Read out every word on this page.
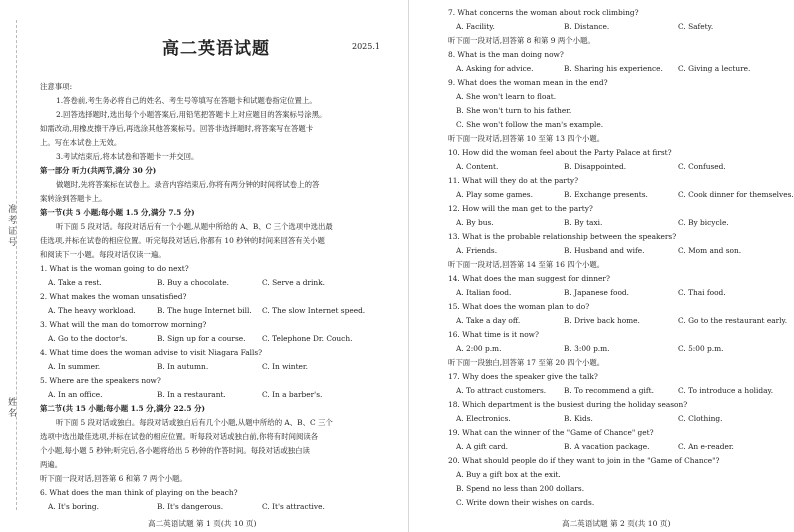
准考证号
姓名
高二英语试题	2025.1
注意事项:
1.答卷前,考生务必将自己的姓名、考生号等填写在答题卡和试题卷指定位置上。
2.回答选择题时,选出每个小题答案后,用铅笔把答题卡上对应题目的答案标号涂黑。
如需改动,用橡皮擦干净后,再选涂其他答案标号。回答非选择题时,将答案写在答题卡
上。写在本试卷上无效。
3.考试结束后,将本试卷和答题卡一并交回。
第一部分 听力(共两节,满分 30 分)
做题时,先将答案标在试卷上。录音内容结束后,你将有两分钟的时间将试卷上的答
案转涂到答题卡上。
第一节(共 5 小题;每小题 1.5 分,满分 7.5 分)
听下面 5 段对话。每段对话后有一个小题,从题中所给的 A、B、C 三个选项中选出最
佳选项,并标在试卷的相应位置。听完每段对话后,你都有 10 秒钟的时间来回答有关小题
和阅读下一小题。每段对话仅读一遍。
1. What is the woman going to do next?
A. Take a rest.	B. Buy a chocolate.	C. Serve a drink.
2. What makes the woman unsatisfied?
A. The heavy workload.	B. The huge Internet bill. C. The slow Internet speed.
3. What will the man do tomorrow morning?
A. Go to the doctor's.	B. Sign up for a course. C. Telephone Dr. Couch.
4. What time does the woman advise to visit Niagara Falls?
A. In summer.	B. In autumn.	C. In winter.
5. Where are the speakers now?
A. In an office.	B. In a restaurant.	C. In a barber's.
第二节(共 15 小题;每小题 1.5 分,满分 22.5 分)
听下面 5 段对话或独白。每段对话或独白后有几个小题,从题中所给的 A、B、C 三个
选项中选出最佳选项,并标在试卷的相应位置。听每段对话或独白前,你将有时间阅读各
个小题,每小题 5 秒钟;听完后,各小题将给出 5 秒钟的作答时间。每段对话或独白读
两遍。
听下面一段对话,回答第 6 和第 7 两个小题。
6. What does the man think of playing on the beach?
A. It's boring.	B. It's dangerous.	C. It's attractive.
高二英语试题 第 1 页(共 10 页)
7. What concerns the woman about rock climbing?
A. Facility.	B. Distance.	C. Safety.
听下面一段对话,回答第 8 和第 9 两个小题。
8. What is the man doing now?
A. Asking for advice.	B. Sharing his experience. C. Giving a lecture.
9. What does the woman mean in the end?
A. She won't learn to float.
B. She won't turn to his father.
C. She won't follow the man's example.
听下面一段对话,回答第 10 至第 13 四个小题。
10. How did the woman feel about the Party Palace at first?
A. Content.	B. Disappointed.	C. Confused.
11. What will they do at the party?
A. Play some games.	B. Exchange presents.	C. Cook dinner for themselves.
12. How will the man get to the party?
A. By bus.	B. By taxi.	C. By bicycle.
13. What is the probable relationship between the speakers?
A. Friends.	B. Husband and wife.	C. Mom and son.
听下面一段对话,回答第 14 至第 16 四个小题。
14. What does the man suggest for dinner?
A. Italian food.	B. Japanese food.	C. Thai food.
15. What does the woman plan to do?
A. Take a day off.	B. Drive back home.	C. Go to the restaurant early.
16. What time is it now?
A. 2:00 p.m.	B. 3:00 p.m.	C. 5:00 p.m.
听下面一段独白,回答第 17 至第 20 四个小题。
17. Why does the speaker give the talk?
A. To attract customers. B. To recommend a gift.	C. To introduce a holiday.
18. Which department is the busiest during the holiday season?
A. Electronics.	B. Kids.	C. Clothing.
19. What can the winner of the "Game of Chance" get?
A. A gift card.	B. A vacation package.	C. An e-reader.
20. What should people do if they want to join in the "Game of Chance"?
A. Buy a gift box at the exit.
B. Spend no less than 200 dollars.
C. Write down their wishes on cards.
高二英语试题 第 2 页(共 10 页)
